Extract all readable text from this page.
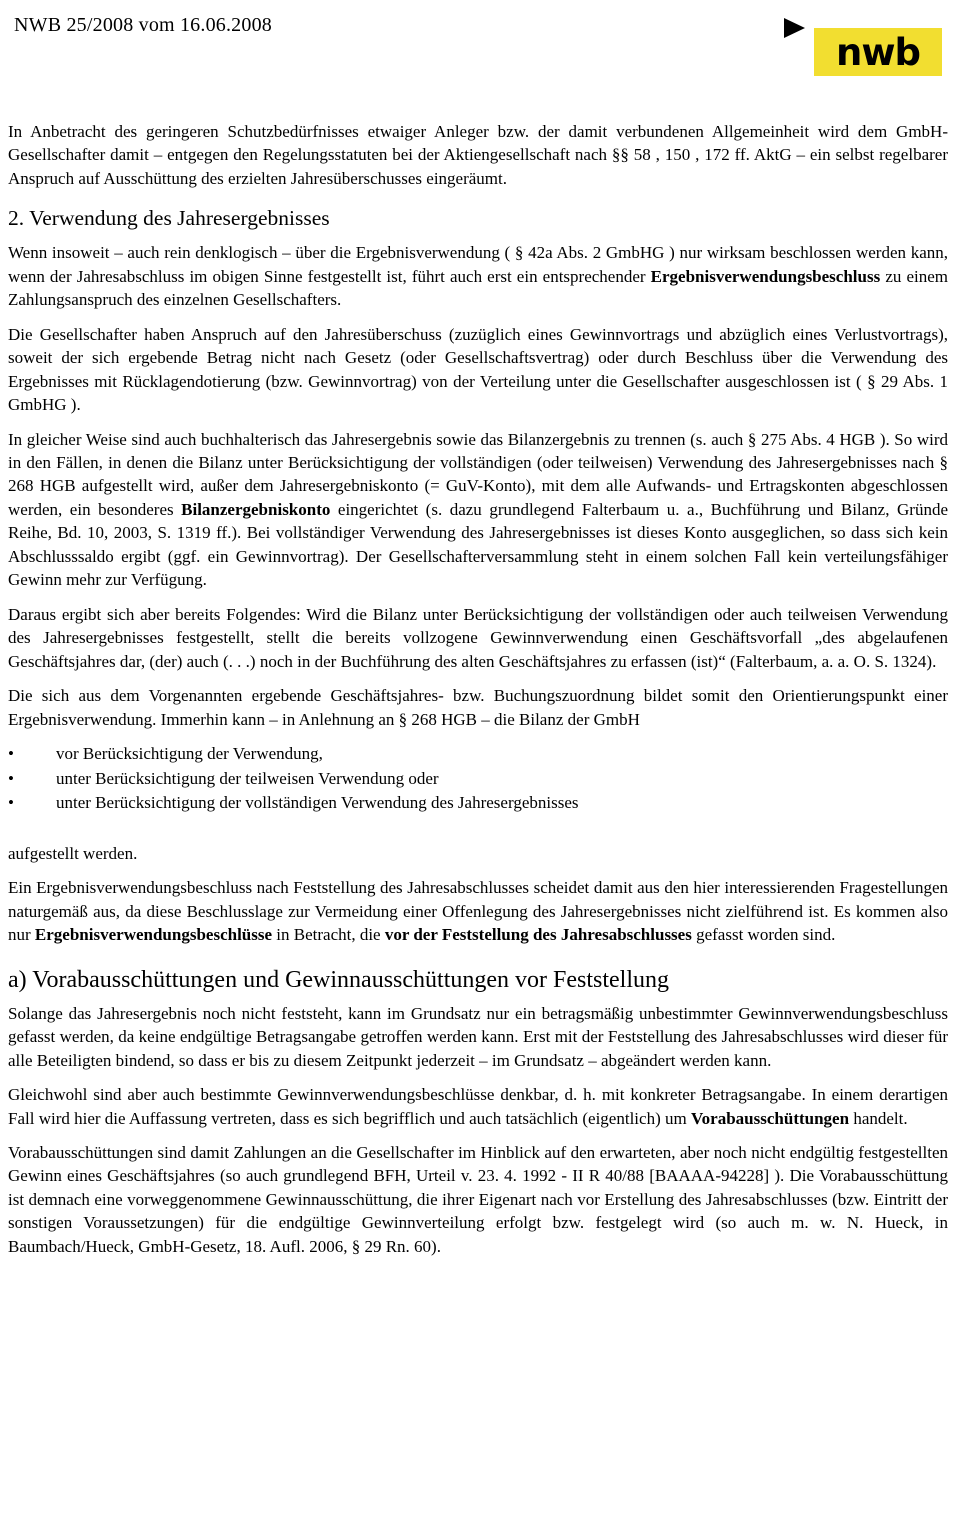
NWB 25/2008 vom 16.06.2008
nwb

In Anbetracht des geringeren Schutzbedürfnisses etwaiger Anleger bzw. der damit verbundenen Allgemeinheit wird dem GmbH-Gesellschafter damit – entgegen den Regelungsstatuten bei der Aktiengesellschaft nach §§ 58 , 150 , 172 ff. AktG – ein selbst regelbarer Anspruch auf Ausschüttung des erzielten Jahresüberschusses eingeräumt.

2. Verwendung des Jahresergebnisses

Wenn insoweit – auch rein denklogisch – über die Ergebnisverwendung ( § 42a Abs. 2 GmbHG ) nur wirksam beschlossen werden kann, wenn der Jahresabschluss im obigen Sinne festgestellt ist, führt auch erst ein entsprechender Ergebnisverwendungsbeschluss zu einem Zahlungsanspruch des einzelnen Gesellschafters.

Die Gesellschafter haben Anspruch auf den Jahresüberschuss (zuzüglich eines Gewinnvortrags und abzüglich eines Verlustvortrags), soweit der sich ergebende Betrag nicht nach Gesetz (oder Gesellschaftsvertrag) oder durch Beschluss über die Verwendung des Ergebnisses mit Rücklagendotierung (bzw. Gewinnvortrag) von der Verteilung unter die Gesellschafter ausgeschlossen ist ( § 29 Abs. 1 GmbHG ).

In gleicher Weise sind auch buchhalterisch das Jahresergebnis sowie das Bilanzergebnis zu trennen (s. auch § 275 Abs. 4 HGB ). So wird in den Fällen, in denen die Bilanz unter Berücksichtigung der vollständigen (oder teilweisen) Verwendung des Jahresergebnisses nach § 268 HGB aufgestellt wird, außer dem Jahresergebniskonto (= GuV-Konto), mit dem alle Aufwands- und Ertragskonten abgeschlossen werden, ein besonderes Bilanzergebniskonto eingerichtet (s. dazu grundlegend Falterbaum u. a., Buchführung und Bilanz, Gründe Reihe, Bd. 10, 2003, S. 1319 ff.). Bei vollständiger Verwendung des Jahresergebnisses ist dieses Konto ausgeglichen, so dass sich kein Abschlusssaldo ergibt (ggf. ein Gewinnvortrag). Der Gesellschafterversammlung steht in einem solchen Fall kein verteilungsfähiger Gewinn mehr zur Verfügung.

Daraus ergibt sich aber bereits Folgendes: Wird die Bilanz unter Berücksichtigung der vollständigen oder auch teilweisen Verwendung des Jahresergebnisses festgestellt, stellt die bereits vollzogene Gewinnverwendung einen Geschäftsvorfall „des abgelaufenen Geschäftsjahres dar, (der) auch (. . .) noch in der Buchführung des alten Geschäftsjahres zu erfassen (ist)“ (Falterbaum, a. a. O. S. 1324).

Die sich aus dem Vorgenannten ergebende Geschäftsjahres- bzw. Buchungszuordnung bildet somit den Orientierungspunkt einer Ergebnisverwendung. Immerhin kann – in Anlehnung an § 268 HGB – die Bilanz der GmbH

•	vor Berücksichtigung der Verwendung,
•	unter Berücksichtigung der teilweisen Verwendung oder
•	unter Berücksichtigung der vollständigen Verwendung des Jahresergebnisses

aufgestellt werden.

Ein Ergebnisverwendungsbeschluss nach Feststellung des Jahresabschlusses scheidet damit aus den hier interessierenden Fragestellungen naturgemäß aus, da diese Beschlusslage zur Vermeidung einer Offenlegung des Jahresergebnisses nicht zielführend ist. Es kommen also nur Ergebnisverwendungsbeschlüsse in Betracht, die vor der Feststellung des Jahresabschlusses gefasst worden sind.

a) Vorabausschüttungen und Gewinnausschüttungen vor Feststellung

Solange das Jahresergebnis noch nicht feststeht, kann im Grundsatz nur ein betragsmäßig unbestimmter Gewinnverwendungsbeschluss gefasst werden, da keine endgültige Betragsangabe getroffen werden kann. Erst mit der Feststellung des Jahresabschlusses wird dieser für alle Beteiligten bindend, so dass er bis zu diesem Zeitpunkt jederzeit – im Grundsatz – abgeändert werden kann.

Gleichwohl sind aber auch bestimmte Gewinnverwendungsbeschlüsse denkbar, d. h. mit konkreter Betragsangabe. In einem derartigen Fall wird hier die Auffassung vertreten, dass es sich begrifflich und auch tatsächlich (eigentlich) um Vorabausschüttungen handelt.

Vorabausschüttungen sind damit Zahlungen an die Gesellschafter im Hinblick auf den erwarteten, aber noch nicht endgültig festgestellten Gewinn eines Geschäftsjahres (so auch grundlegend BFH, Urteil v. 23. 4. 1992 - II R 40/88 [BAAAA-94228] ). Die Vorabausschüttung ist demnach eine vorweggenommene Gewinnausschüttung, die ihrer Eigenart nach vor Erstellung des Jahresabschlusses (bzw. Eintritt der sonstigen Voraussetzungen) für die endgültige Gewinnverteilung erfolgt bzw. festgelegt wird (so auch m. w. N. Hueck, in Baumbach/Hueck, GmbH-Gesetz, 18. Aufl. 2006, § 29 Rn. 60).
